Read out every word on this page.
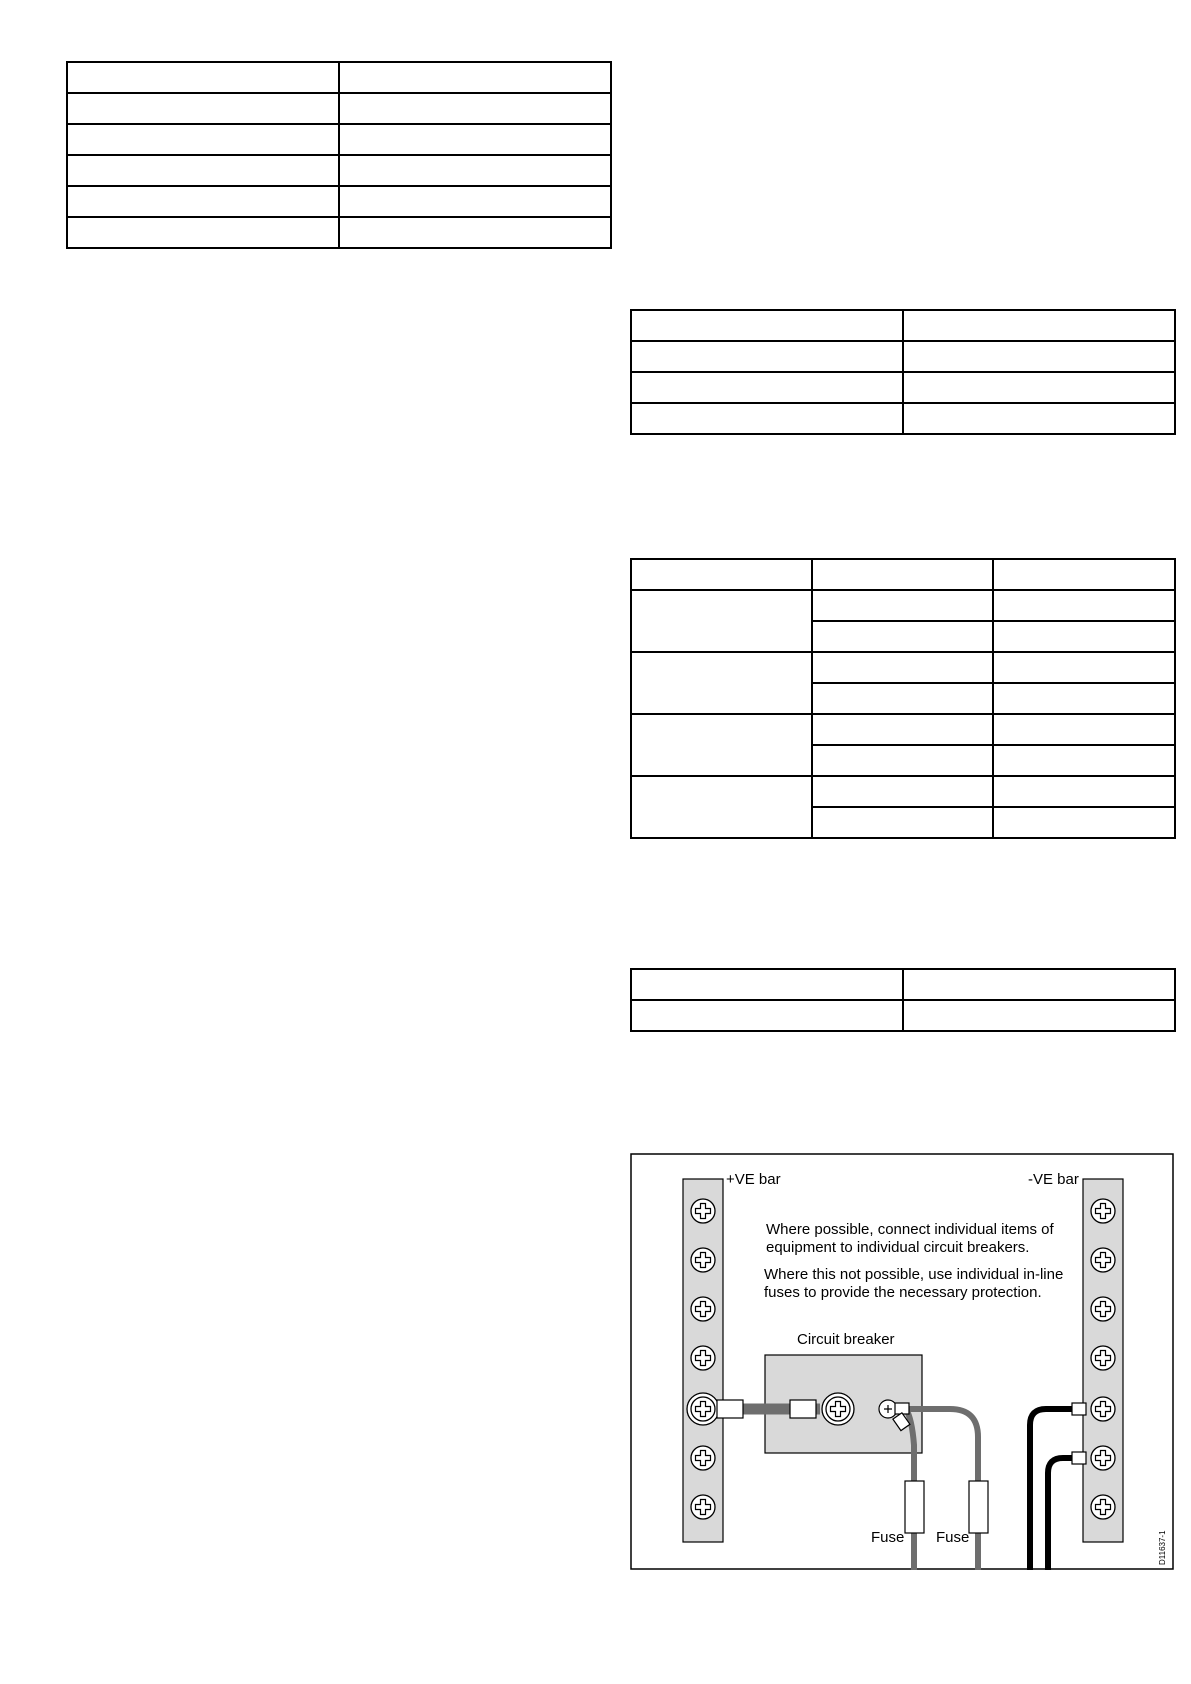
+VE bar	-VE bar
Where possible, connect individual items of
equipment to individual circuit breakers.
Where this not possible, use individual in-line
fuses to provide the necessary protection.
Circuit breaker
Fuse Fuse	D11637-1
